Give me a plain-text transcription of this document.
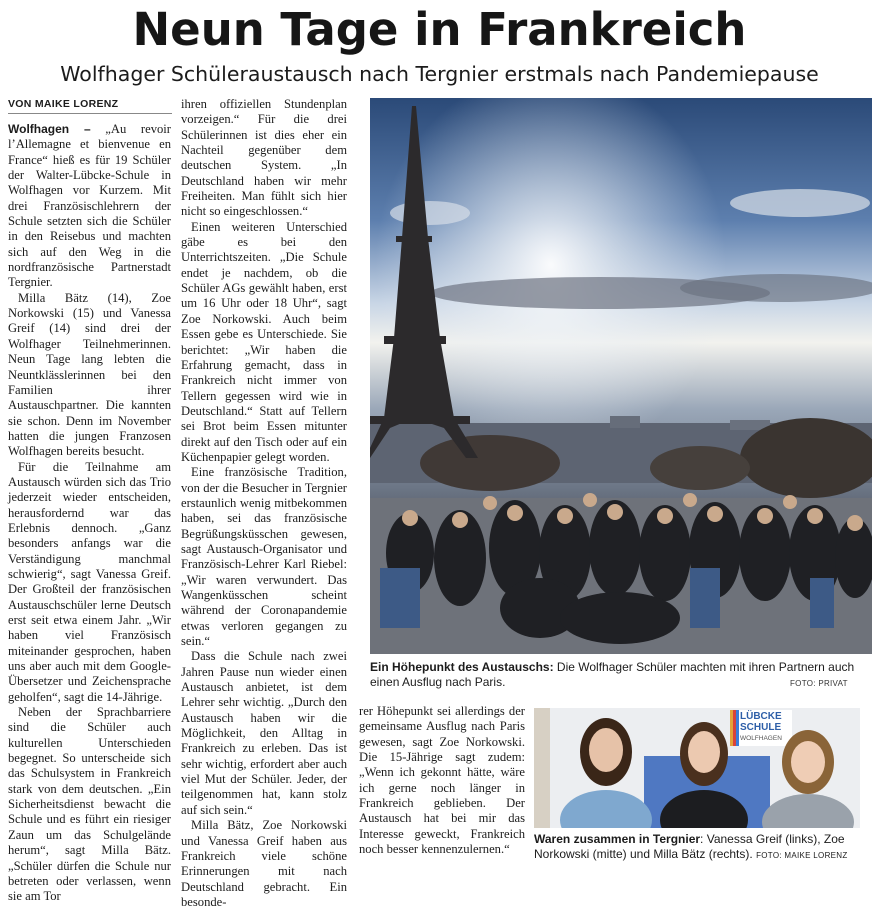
Neun Tage in Frankreich
Wolfhager Schüleraustausch nach Tergnier erstmals nach Pandemiepause
VON MAIKE LORENZ

Wolfhagen – „Au revoir l’Allemagne et bienvenue en France“ hieß es für 19 Schüler der Walter-Lübcke-Schule in Wolfhagen vor Kurzem. Mit drei Französischlehrern der Schule setzten sich die Schüler in den Reisebus und machten sich auf den Weg in die nordfranzösische Partnerstadt Tergnier.

Milla Bätz (14), Zoe Norkowski (15) und Vanessa Greif (14) sind drei der Wolfhager Teilnehmerinnen. Neun Tage lang lebten die Neuntklässlerinnen bei den Familien ihrer Austauschpartner. Die kannten sie schon. Denn im November hatten die jungen Franzosen Wolfhagen bereits besucht.

Für die Teilnahme am Austausch würden sich das Trio jederzeit wieder entscheiden, herausfordernd war das Erlebnis dennoch. „Ganz besonders anfangs war die Verständigung manchmal schwierig“, sagt Vanessa Greif. Der Großteil der französischen Austauschschüler lerne Deutsch erst seit etwa einem Jahr. „Wir haben viel Französisch miteinander gesprochen, haben uns aber auch mit dem Google-Übersetzer und Zeichensprache geholfen“, sagt die 14-Jährige.

Neben der Sprachbarriere sind die Schüler auch kulturellen Unterschieden begegnet. So unterscheide sich das Schulsystem in Frankreich stark von dem deutschen. „Ein Sicherheitsdienst bewacht die Schule und es führt ein riesiger Zaun um das Schulgelände herum“, sagt Milla Bätz. „Schüler dürfen die Schule nur betreten oder verlassen, wenn sie am Tor

ihren offiziellen Stundenplan vorzeigen.“ Für die drei Schülerinnen ist dies eher ein Nachteil gegenüber dem deutschen System. „In Deutschland haben wir mehr Freiheiten. Man fühlt sich hier nicht so eingeschlossen.“

Einen weiteren Unterschied gäbe es bei den Unterrichtszeiten. „Die Schule endet je nachdem, ob die Schüler AGs gewählt haben, erst um 16 Uhr oder 18 Uhr“, sagt Zoe Norkowski. Auch beim Essen gebe es Unterschiede. Sie berichtet: „Wir haben die Erfahrung gemacht, dass in Frankreich nicht immer von Tellern gegessen wird wie in Deutschland.“ Statt auf Tellern sei Brot beim Essen mitunter direkt auf den Tisch oder auf ein Küchenpapier gelegt worden.

Eine französische Tradition, von der die Besucher in Tergnier erstaunlich wenig mitbekommen haben, sei das französische Begrüßungsküsschen gewesen, sagt Austausch-Organisator und Französisch-Lehrer Karl Riebel: „Wir waren verwundert. Das Wangenküsschen scheint während der Coronapandemie etwas verloren gegangen zu sein.“

Dass die Schule nach zwei Jahren Pause nun wieder einen Austausch anbietet, ist dem Lehrer sehr wichtig. „Durch den Austausch haben wir die Möglichkeit, den Alltag in Frankreich zu erleben. Das ist sehr wichtig, erfordert aber auch viel Mut der Schüler. Jeder, der teilgenommen hat, kann stolz auf sich sein.“

Milla Bätz, Zoe Norkowski und Vanessa Greif haben aus Frankreich viele schöne Erinnerungen mit nach Deutschland gebracht. Ein besonde-

rer Höhepunkt sei allerdings der gemeinsame Ausflug nach Paris gewesen, sagt Zoe Norkowski. Die 15-Jährige sagt zudem: „Wenn ich gekonnt hätte, wäre ich gerne noch länger in Frankreich geblieben. Der Austausch hat bei mir das Interesse geweckt, Frankreich noch besser kennenzulernen.“

Ein Höhepunkt des Austauschs: Die Wolfhager Schüler machten mit ihren Partnern auch einen Ausflug nach Paris.	FOTO: PRIVAT
LÜBCKE
SCHULE
WOLFHAGEN
Waren zusammen in Tergnier: Vanessa Greif (links), Zoe Norkowski (mitte) und Milla Bätz (rechts). FOTO: MAIKE LORENZ
